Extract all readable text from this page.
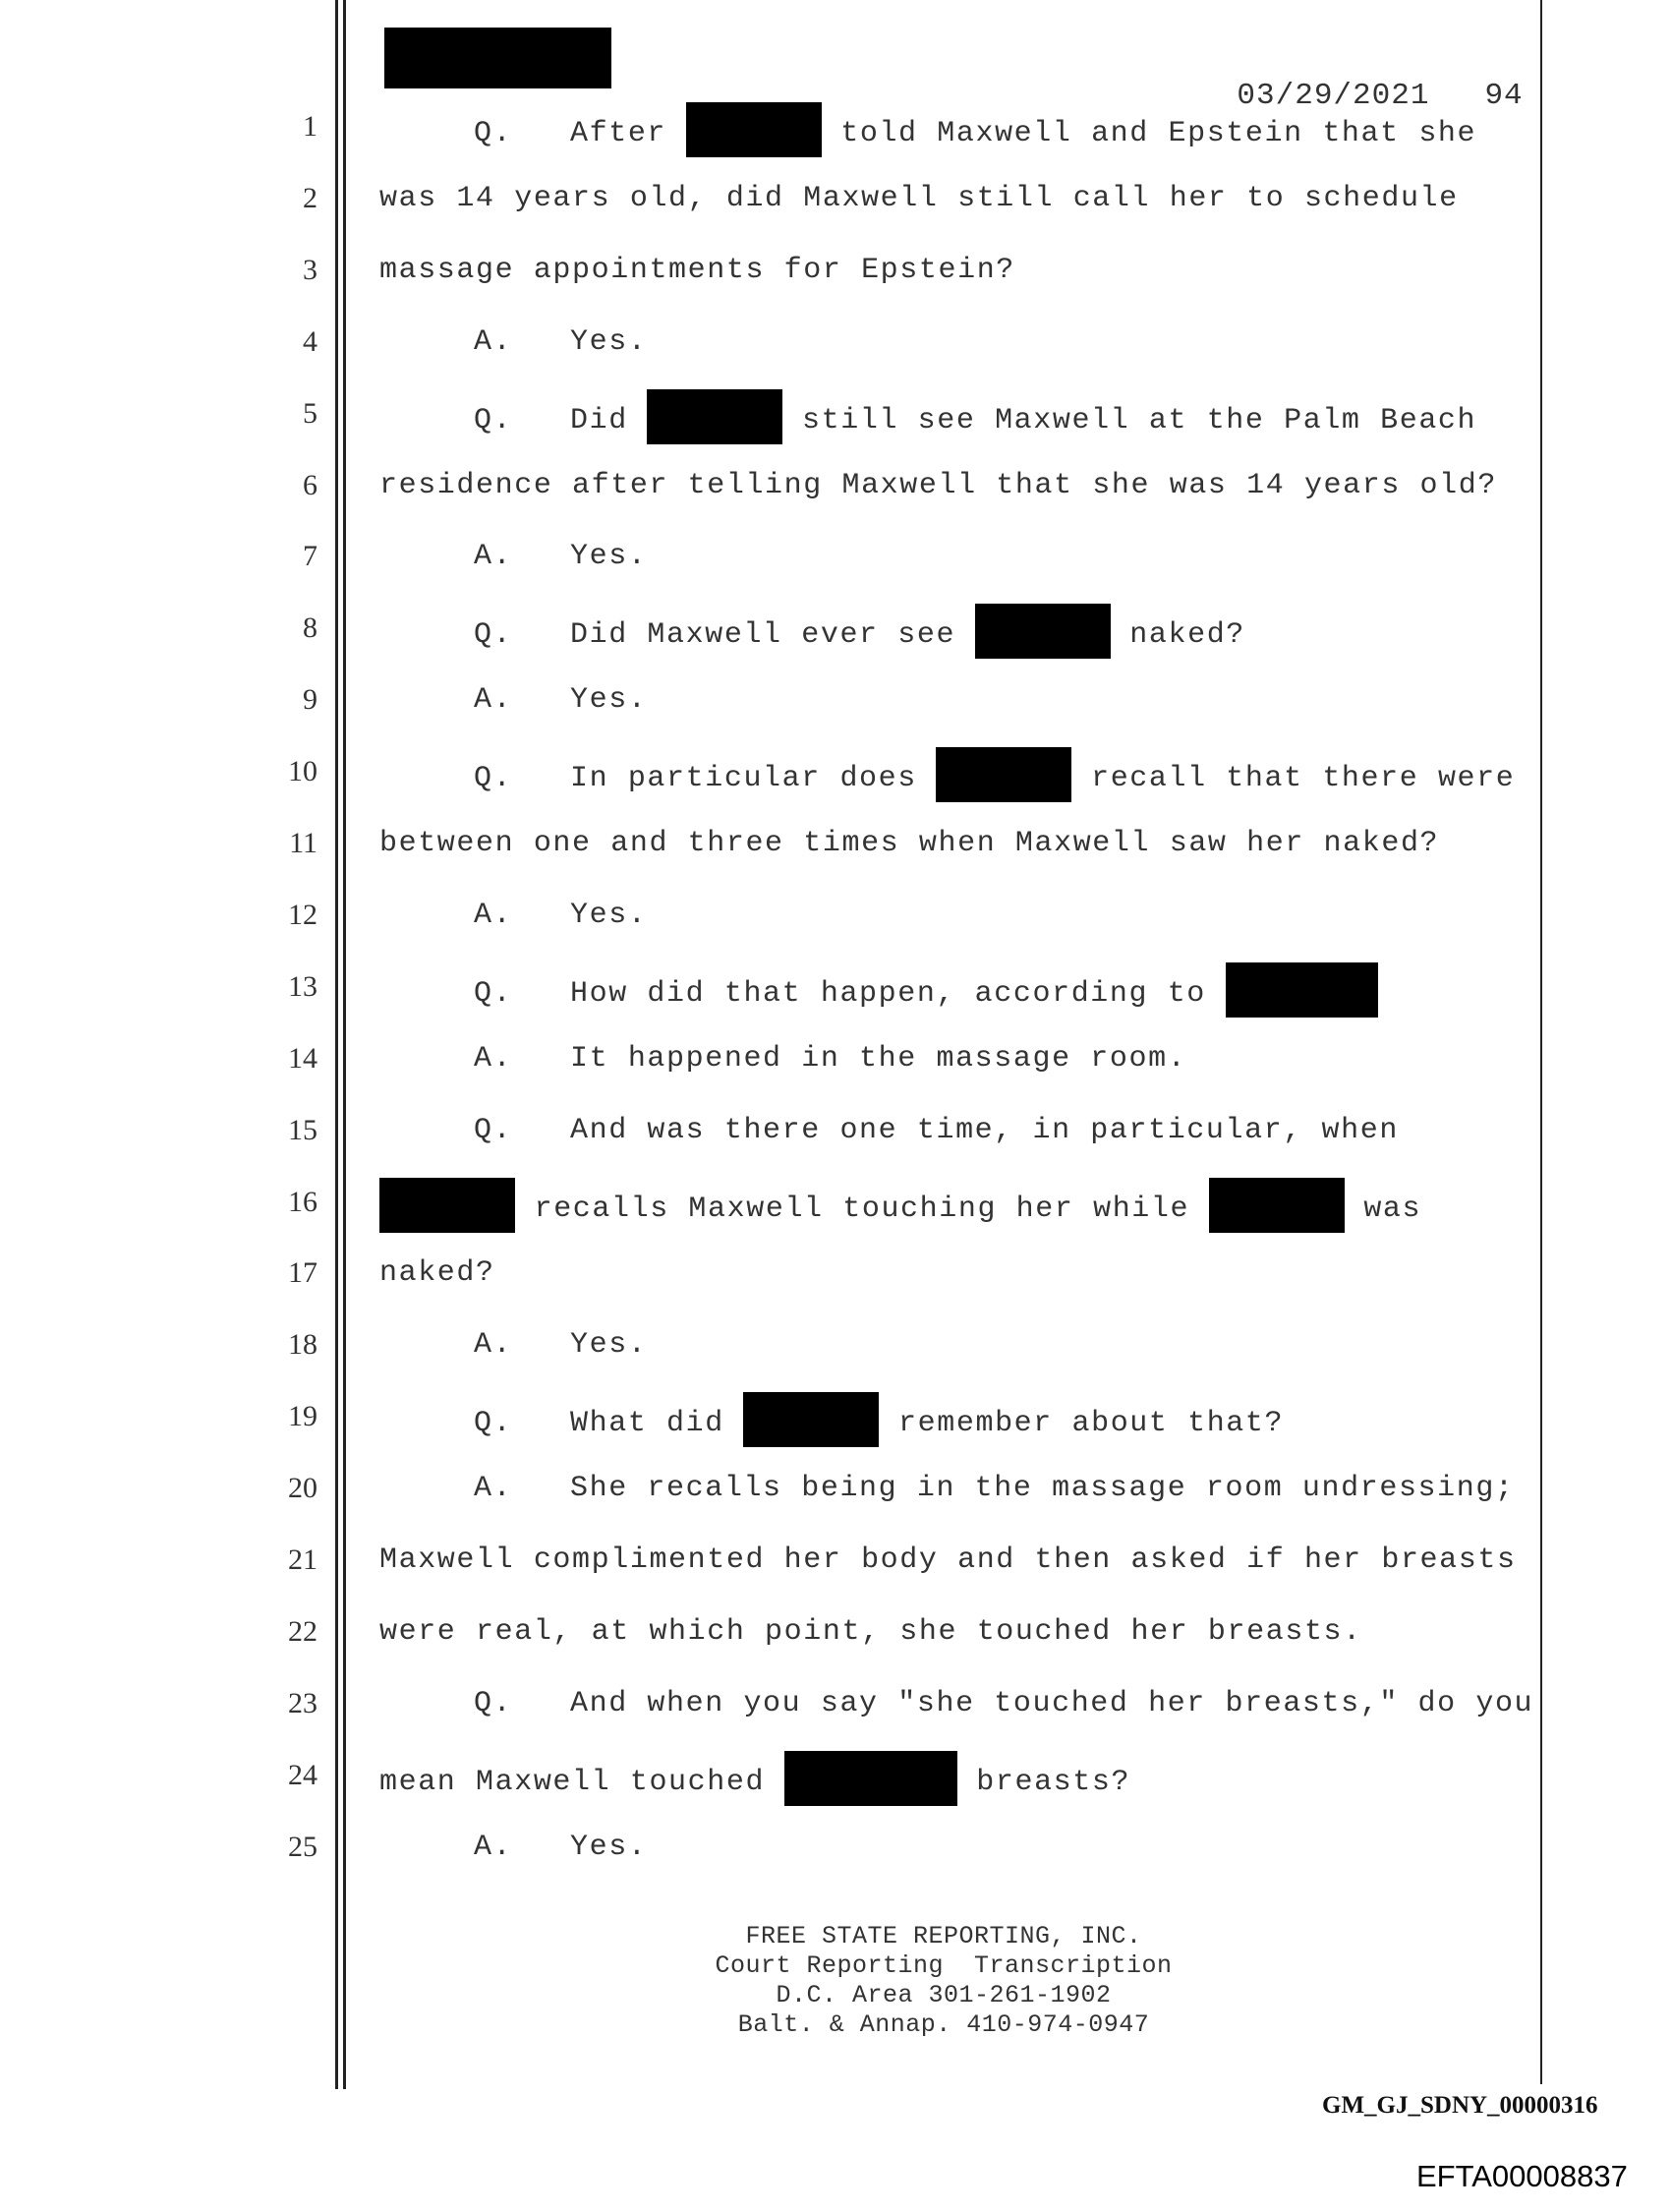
03/29/2021 94

1	Q.   After	told Maxwell and Epstein that she
2 was 14 years old, did Maxwell still call her to schedule
3 massage appointments for Epstein?
4	A.   Yes.
5	Q.   Did	still see Maxwell at the Palm Beach
6 residence after telling Maxwell that she was 14 years old?
7	A.   Yes.
8	Q.   Did Maxwell ever see	naked?
9	A.   Yes.
10	Q.   In particular does	recall that there were
11 between one and three times when Maxwell saw her naked?
12	A.   Yes.
13	Q.   How did that happen, according to
14	A.   It happened in the massage room.
15	Q.   And was there one time, in particular, when
16	recalls Maxwell touching her while	was
17 naked?
18	A.   Yes.
19	Q.   What did	remember about that?
20	A.   She recalls being in the massage room undressing;
21 Maxwell complimented her body and then asked if her breasts
22 were real, at which point, she touched her breasts.
23	Q.   And when you say "she touched her breasts," do you
24 mean Maxwell touched	breasts?
25	A.   Yes.
FREE STATE REPORTING, INC.
Court Reporting  Transcription
D.C. Area 301-261-1902
Balt. & Annap. 410-974-0947
GM_GJ_SDNY_00000316
EFTA00008837
